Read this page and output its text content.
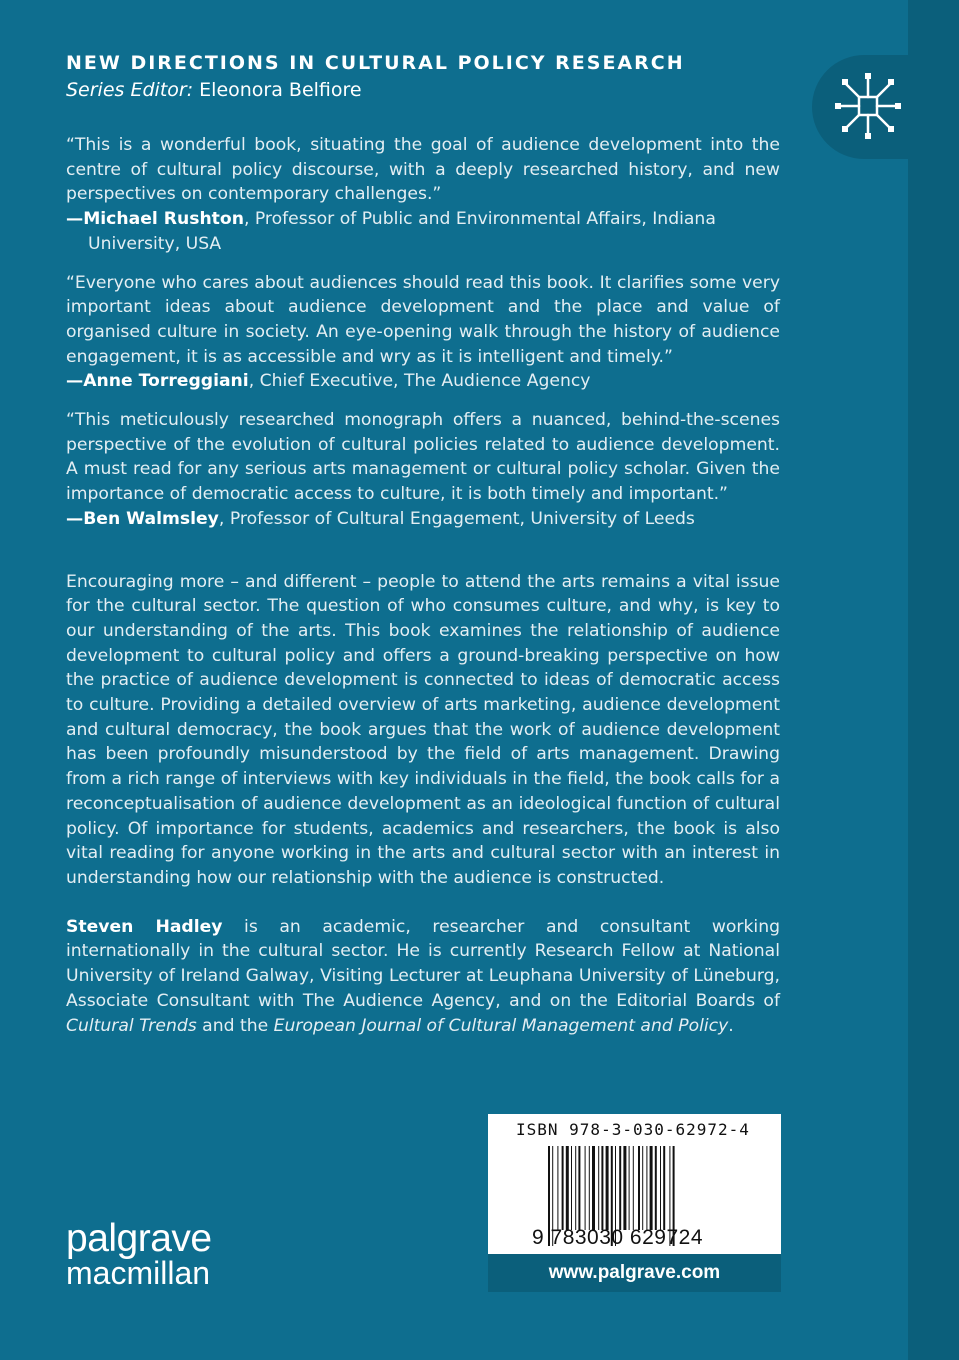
NEW DIRECTIONS IN CULTURAL POLICY RESEARCH
Series Editor: Eleonora Belfiore

“This is a wonderful book, situating the goal of audience development into the centre of cultural policy discourse, with a deeply researched history, and new perspectives on contemporary challenges.”
—Michael Rushton, Professor of Public and Environmental Affairs, Indiana University, USA

“Everyone who cares about audiences should read this book. It clarifies some very important ideas about audience development and the place and value of organised culture in society. An eye-opening walk through the history of audience engagement, it is as accessible and wry as it is intelligent and timely.”
—Anne Torreggiani, Chief Executive, The Audience Agency

“This meticulously researched monograph offers a nuanced, behind-the-scenes perspective of the evolution of cultural policies related to audience development. A must read for any serious arts management or cultural policy scholar. Given the importance of democratic access to culture, it is both timely and important.”
—Ben Walmsley, Professor of Cultural Engagement, University of Leeds

Encouraging more – and different – people to attend the arts remains a vital issue for the cultural sector. The question of who consumes culture, and why, is key to our understanding of the arts. This book examines the relationship of audience development to cultural policy and offers a ground-breaking perspective on how the practice of audience development is connected to ideas of democratic access to culture. Providing a detailed overview of arts marketing, audience development and cultural democracy, the book argues that the work of audience development has been profoundly misunderstood by the field of arts management. Drawing from a rich range of interviews with key individuals in the field, the book calls for a reconceptualisation of audience development as an ideological function of cultural policy. Of importance for students, academics and researchers, the book is also vital reading for anyone working in the arts and cultural sector with an interest in understanding how our relationship with the audience is constructed.

Steven Hadley is an academic, researcher and consultant working internationally in the cultural sector. He is currently Research Fellow at National University of Ireland Galway, Visiting Lecturer at Leuphana University of Lüneburg, Associate Consultant with The Audience Agency, and on the Editorial Boards of Cultural Trends and the European Journal of Cultural Management and Policy.

palgrave
macmillan
ISBN 978-3-030-62972-4
9 783030 629724
www.palgrave.com
